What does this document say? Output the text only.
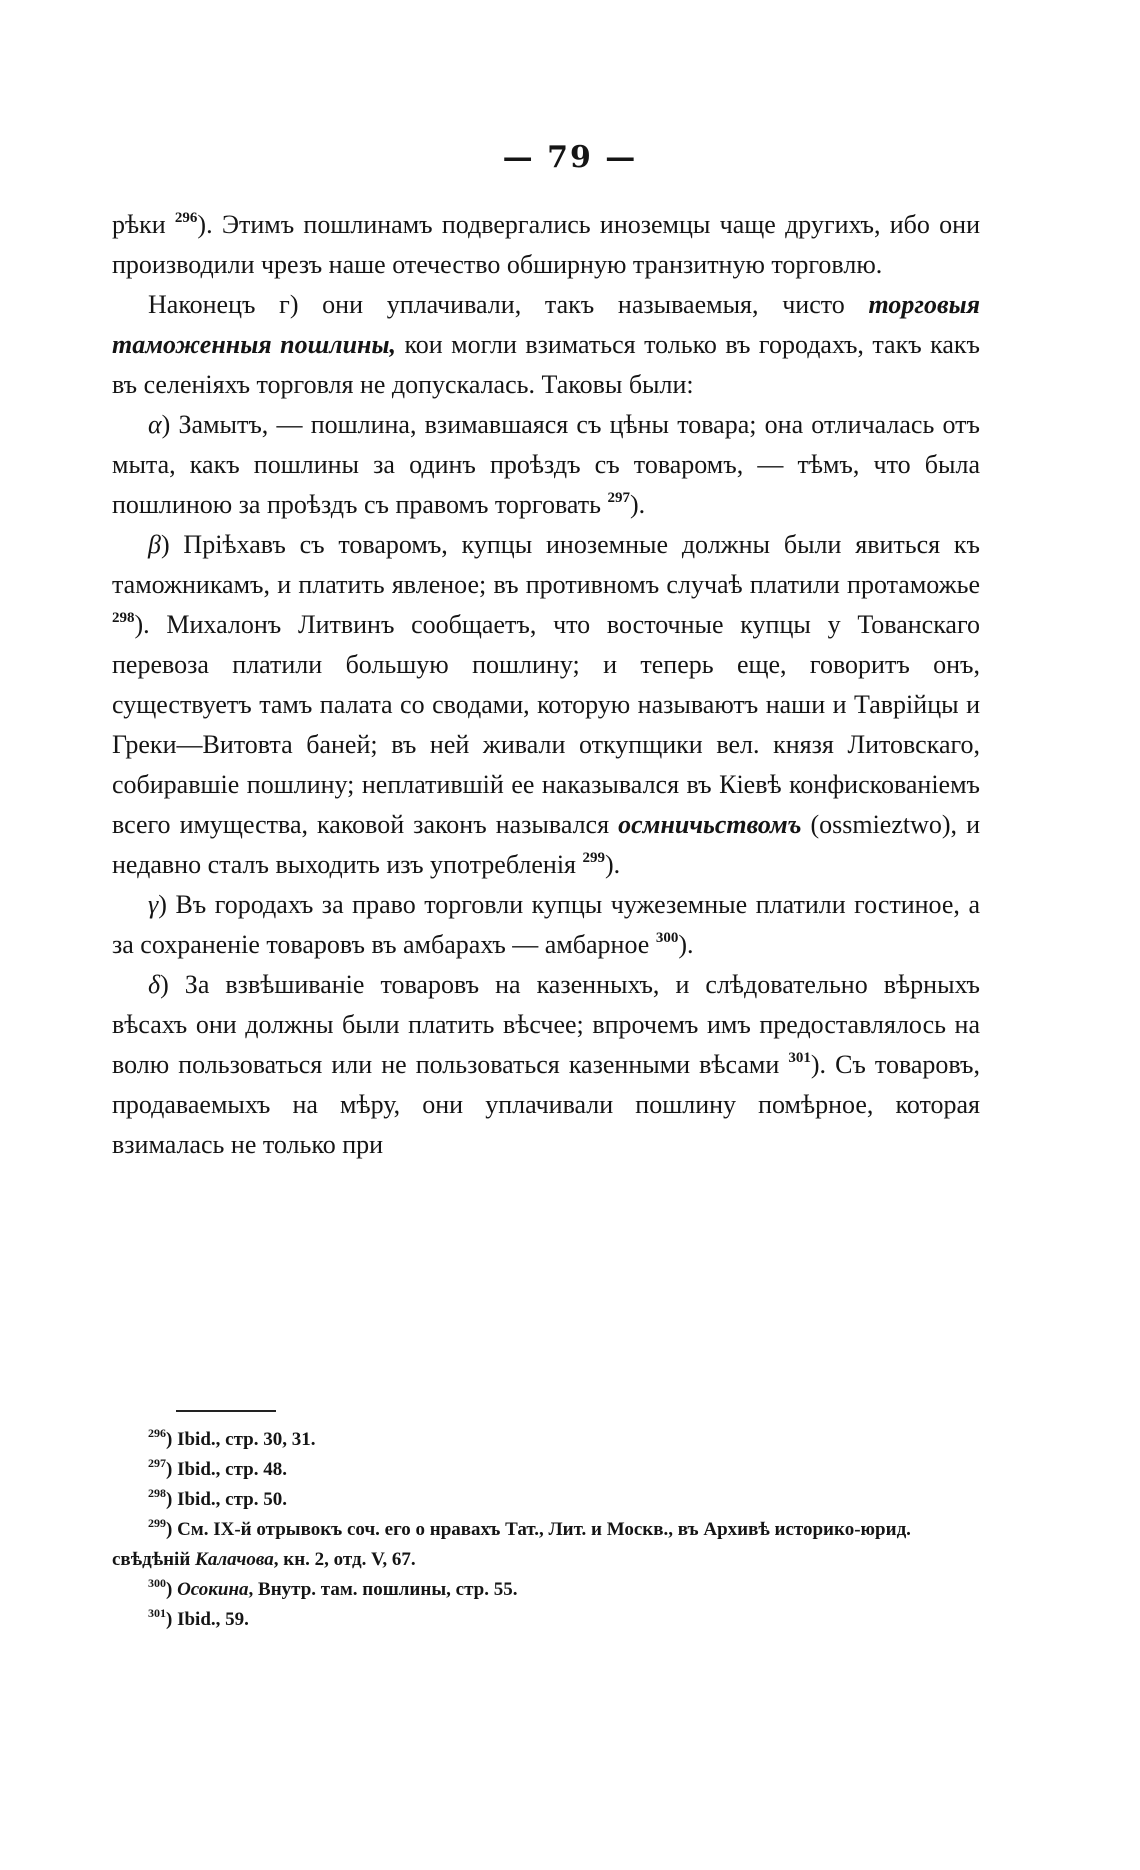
— 79 —

рѣки $^{296}$). Этимъ пошлинамъ подвергались иноземцы чаще другихъ, ибо они производили чрезъ наше отечество обширную транзитную торговлю.

Наконецъ г) они уплачивали, такъ называемыя, чисто торговыя таможенныя пошлины, кои могли взиматься только въ городахъ, такъ какъ въ селеніяхъ торговля не допускалась. Таковы были:

α) Замытъ, — пошлина, взимавшаяся съ цѣны товара; она отличалась отъ мыта, какъ пошлины за одинъ проѣздъ съ товаромъ, — тѣмъ, что была пошлиною за проѣздъ съ правомъ торговать $^{297}$).

β) Пріѣхавъ съ товаромъ, купцы иноземные должны были явиться къ таможникамъ, и платить явленое; въ противномъ случаѣ платили протаможье $^{298}$). Михалонъ Литвинъ сообщаетъ, что восточные купцы у Тованскаго перевоза платили большую пошлину; и теперь еще, говоритъ онъ, существуетъ тамъ палата со сводами, которую называютъ наши и Таврійцы и Греки—Витовта баней; въ ней живали откупщики вел. князя Литовскаго, собиравшіе пошлину; неплатившій ее наказывался въ Кіевѣ конфискованіемъ всего имущества, каковой законъ назывался осмничьствомъ (ossmieztwo), и недавно сталъ выходить изъ употребленія $^{299}$).

γ) Въ городахъ за право торговли купцы чужеземные платили гостиное, а за сохраненіе товаровъ въ амбарахъ — амбарное $^{300}$).

δ) За взвѣшиваніе товаровъ на казенныхъ, и слѣдовательно вѣрныхъ вѣсахъ они должны были платить вѣсчее; впрочемъ имъ предоставлялось на волю пользоваться или не пользоваться казенными вѣсами $^{301}$). Съ товаровъ, продаваемыхъ на мѣру, они уплачивали пошлину помѣрное, которая взималась не только при

$^{296}$) Ibid., стр. 30, 31.

$^{297}$) Ibid., стр. 48.

$^{298}$) Ibid., стр. 50.

$^{299}$) См. IX-й отрывокъ соч. его о нравахъ Тат., Лит. и Москв., въ Архивѣ историко-юрид. свѣдѣній Калачова, кн. 2, отд. V, 67.

$^{300}$) Осокина, Внутр. там. пошлины, стр. 55.

$^{301}$) Ibid., 59.
